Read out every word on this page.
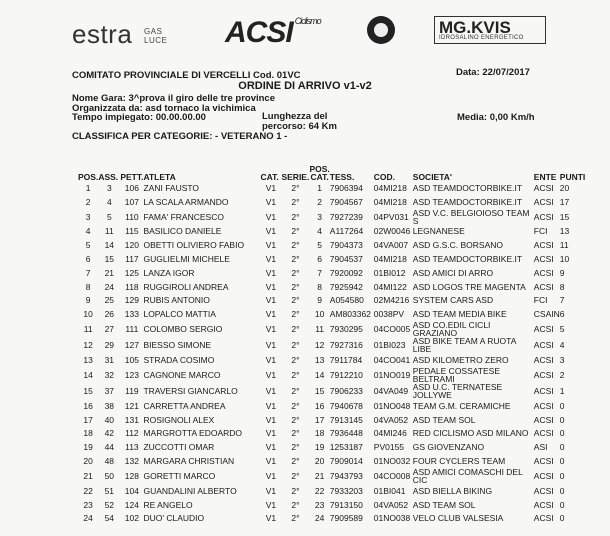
estra GAS
LUCE ACSI $^{Ciclismo}$	MG.KVIS
IDROSALINO ENERGETICO
COMITATO PROVINCIALE DI VERCELLI Cod. 01VC	Data: 22/07/2017
ORDINE DI ARRIVO v1-v2
Nome Gara: 3^prova il giro delle tre province
Organizzata da: asd tornaco la vichimica
Tempo impiegato: 00.00.00.00	Lunghezza del percorso: 64 Km
Media: 0,00 Km/h
CLASSIFICA PER CATEGORIE: - VETERANO 1 -
POS.	ASS.	PETT.	ATLETA	CAT.	SERIE.	POS. CAT.	TESS.	COD.	SOCIETA'	ENTE	PUNTI
1	3	106	ZANI FAUSTO	V1	2°	1	7906394	04MI218	ASD TEAMDOCTORBIKE.IT	ACSI	20
2	4	107	LA SCALA ARMANDO	V1	2°	2	7904567	04MI218	ASD TEAMDOCTORBIKE.IT	ACSI	17
3	5	110	FAMA' FRANCESCO	V1	2°	3	7927239	04PV031	ASD V.C. BELGIOIOSO TEAM S	ACSI	15
4	11	115	BASILICO DANIELE	V1	2°	4	A117264	02W0046	LEGNANESE	FCI	13
5	14	120	OBETTI OLIVIERO FABIO	V1	2°	5	7904373	04VA007	ASD G.S.C. BORSANO	ACSI	11
6	15	117	GUGLIELMI MICHELE	V1	2°	6	7904537	04MI218	ASD TEAMDOCTORBIKE.IT	ACSI	10
7	21	125	LANZA IGOR	V1	2°	7	7920092	01BI012	ASD AMICI DI ARRO	ACSI	9
8	24	118	RUGGIROLI ANDREA	V1	2°	8	7925942	04MI122	ASD LOGOS TRE MAGENTA	ACSI	8
9	25	129	RUBIS ANTONIO	V1	2°	9	A054580	02M4216	SYSTEM CARS ASD	FCI	7
10	26	133	LOPALCO MATTIA	V1	2°	10	AM803362	0038PV	ASD TEAM MEDIA BIKE	CSAIN	6
11	27	111	COLOMBO SERGIO	V1	2°	11	7930295	04CO005	ASD CO.EDIL CICLI GRAZIANO	ACSI	5
12	29	127	BIESSO SIMONE	V1	2°	12	7927316	01BI023	ASD BIKE TEAM A RUOTA LIBE	ACSI	4
13	31	105	STRADA COSIMO	V1	2°	13	7911784	04CO041	ASD KILOMETRO ZERO	ACSI	3
14	32	123	CAGNONE MARCO	V1	2°	14	7912210	01NO019	PEDALE COSSATESE BELTRAMI	ACSI	2
15	37	119	TRAVERSI GIANCARLO	V1	2°	15	7906233	04VA049	ASD U.C. TERNATESE JOLLYWE	ACSI	1
16	38	121	CARRETTA ANDREA	V1	2°	16	7940678	01NO048	TEAM G.M. CERAMICHE	ACSI	0
17	40	131	ROSIGNOLI ALEX	V1	2°	17	7913145	04VA052	ASD TEAM SOL	ACSI	0
18	42	112	MARGROTTA EDOARDO	V1	2°	18	7936448	04MI246	RED CICLISMO ASD MILANO	ACSI	0
19	44	113	ZUCCOTTI OMAR	V1	2°	19	1253187	PV0155	GS GIOVENZANO	ASI	0
20	48	132	MARGARA CHRISTIAN	V1	2°	20	7909014	01NO032	FOUR CYCLERS TEAM	ACSI	0
21	50	128	GORETTI MARCO	V1	2°	21	7943793	04CO008	ASD AMICI COMASCHI DEL CIC	ACSI	0
22	51	104	GUANDALINI ALBERTO	V1	2°	22	7933203	01BI041	ASD BIELLA BIKING	ACSI	0
23	52	124	RE ANGELO	V1	2°	23	7913150	04VA052	ASD TEAM SOL	ACSI	0
24	54	102	DUO' CLAUDIO	V1	2°	24	7909589	01NO038	VELO CLUB VALSESIA	ACSI	0
